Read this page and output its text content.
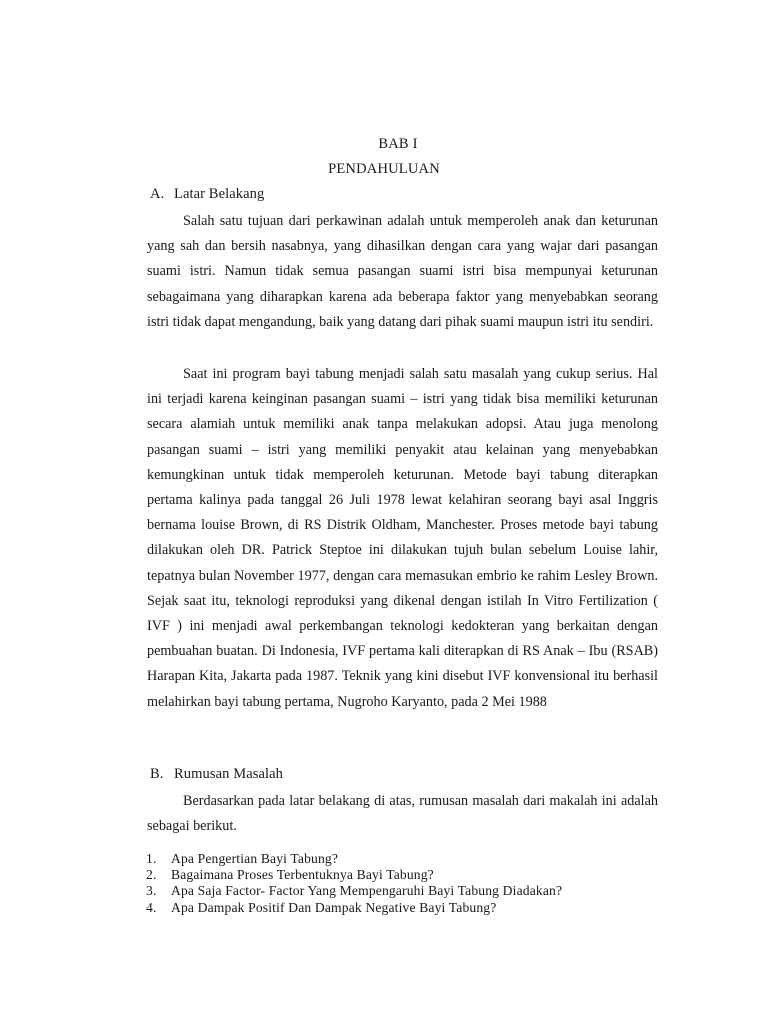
BAB I
PENDAHULUAN
A. Latar Belakang

Salah satu tujuan dari perkawinan adalah untuk memperoleh anak dan keturunan yang sah dan bersih nasabnya, yang dihasilkan dengan cara yang wajar dari pasangan suami istri. Namun tidak semua pasangan suami istri bisa mempunyai keturunan sebagaimana yang diharapkan karena ada beberapa faktor yang menyebabkan seorang istri tidak dapat mengandung, baik yang datang dari pihak suami maupun istri itu sendiri.

Saat ini program bayi tabung menjadi salah satu masalah yang cukup serius. Hal ini terjadi karena keinginan pasangan suami – istri yang tidak bisa memiliki keturunan secara alamiah untuk memiliki anak tanpa melakukan adopsi. Atau juga menolong pasangan suami – istri yang memiliki penyakit atau kelainan yang menyebabkan kemungkinan untuk tidak memperoleh keturunan. Metode bayi tabung diterapkan pertama kalinya pada tanggal 26 Juli 1978 lewat kelahiran seorang bayi asal Inggris bernama louise Brown, di RS Distrik Oldham, Manchester. Proses metode bayi tabung dilakukan oleh DR. Patrick Steptoe ini dilakukan tujuh bulan sebelum Louise lahir, tepatnya bulan November 1977, dengan cara memasukan embrio ke rahim Lesley Brown. Sejak saat itu, teknologi reproduksi yang dikenal dengan istilah In Vitro Fertilization ( IVF ) ini menjadi awal perkembangan teknologi kedokteran yang berkaitan dengan pembuahan buatan. Di Indonesia, IVF pertama kali diterapkan di RS Anak – Ibu (RSAB) Harapan Kita, Jakarta pada 1987. Teknik yang kini disebut IVF konvensional itu berhasil melahirkan bayi tabung pertama, Nugroho Karyanto, pada 2 Mei 1988

B. Rumusan Masalah

Berdasarkan pada latar belakang di atas, rumusan masalah dari makalah ini adalah sebagai berikut.

1.	Apa Pengertian Bayi Tabung?
2.	Bagaimana Proses Terbentuknya Bayi Tabung?
3.	Apa Saja Factor- Factor Yang Mempengaruhi Bayi Tabung Diadakan?
4.	Apa Dampak Positif Dan Dampak Negative Bayi Tabung?
